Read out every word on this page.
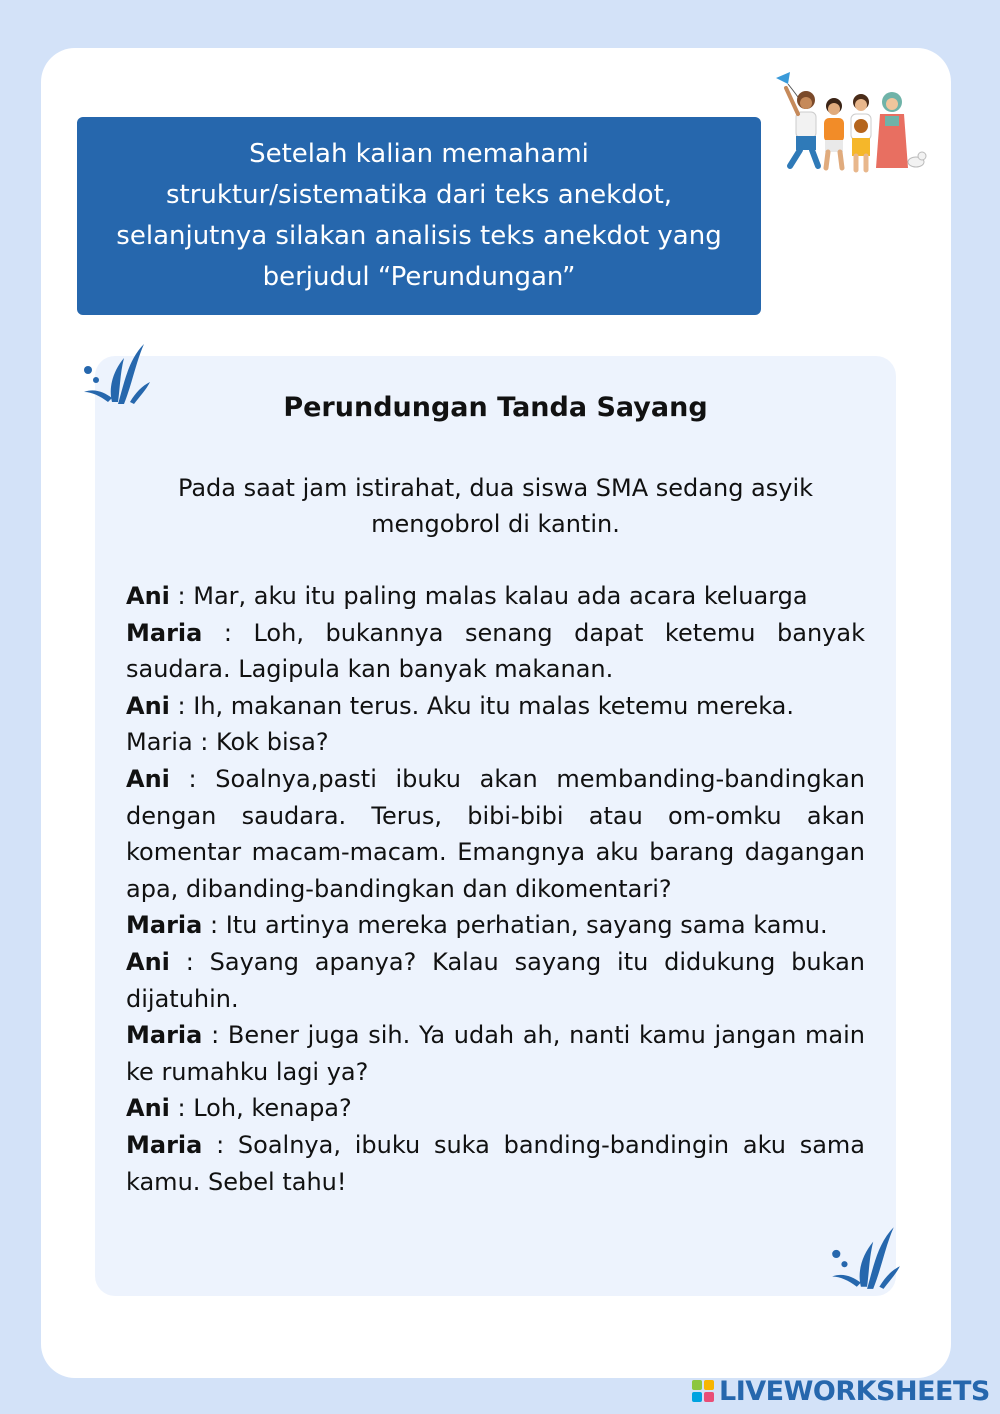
Setelah kalian memahami
struktur/sistematika dari teks anekdot,
selanjutnya silakan analisis teks anekdot yang
berjudul “Perundungan”
Perundungan Tanda Sayang

Pada saat jam istirahat, dua siswa SMA sedang asyik mengobrol di kantin.

Ani : Mar, aku itu paling malas kalau ada acara keluarga

Maria : Loh, bukannya senang dapat ketemu banyak saudara. Lagipula kan banyak makanan.

Ani : Ih, makanan terus. Aku itu malas ketemu mereka.

Maria : Kok bisa?

Ani : Soalnya,pasti ibuku akan membanding-bandingkan dengan saudara. Terus, bibi-bibi atau om-omku akan komentar macam-macam. Emangnya aku barang dagangan apa, dibanding-bandingkan dan dikomentari?

Maria : Itu artinya mereka perhatian, sayang sama kamu.

Ani : Sayang apanya? Kalau sayang itu didukung bukan dijatuhin.

Maria : Bener juga sih. Ya udah ah, nanti kamu jangan main ke rumahku lagi ya?

Ani : Loh, kenapa?

Maria : Soalnya, ibuku suka banding-bandingin aku sama kamu. Sebel tahu!

LIVEWORKSHEETS
